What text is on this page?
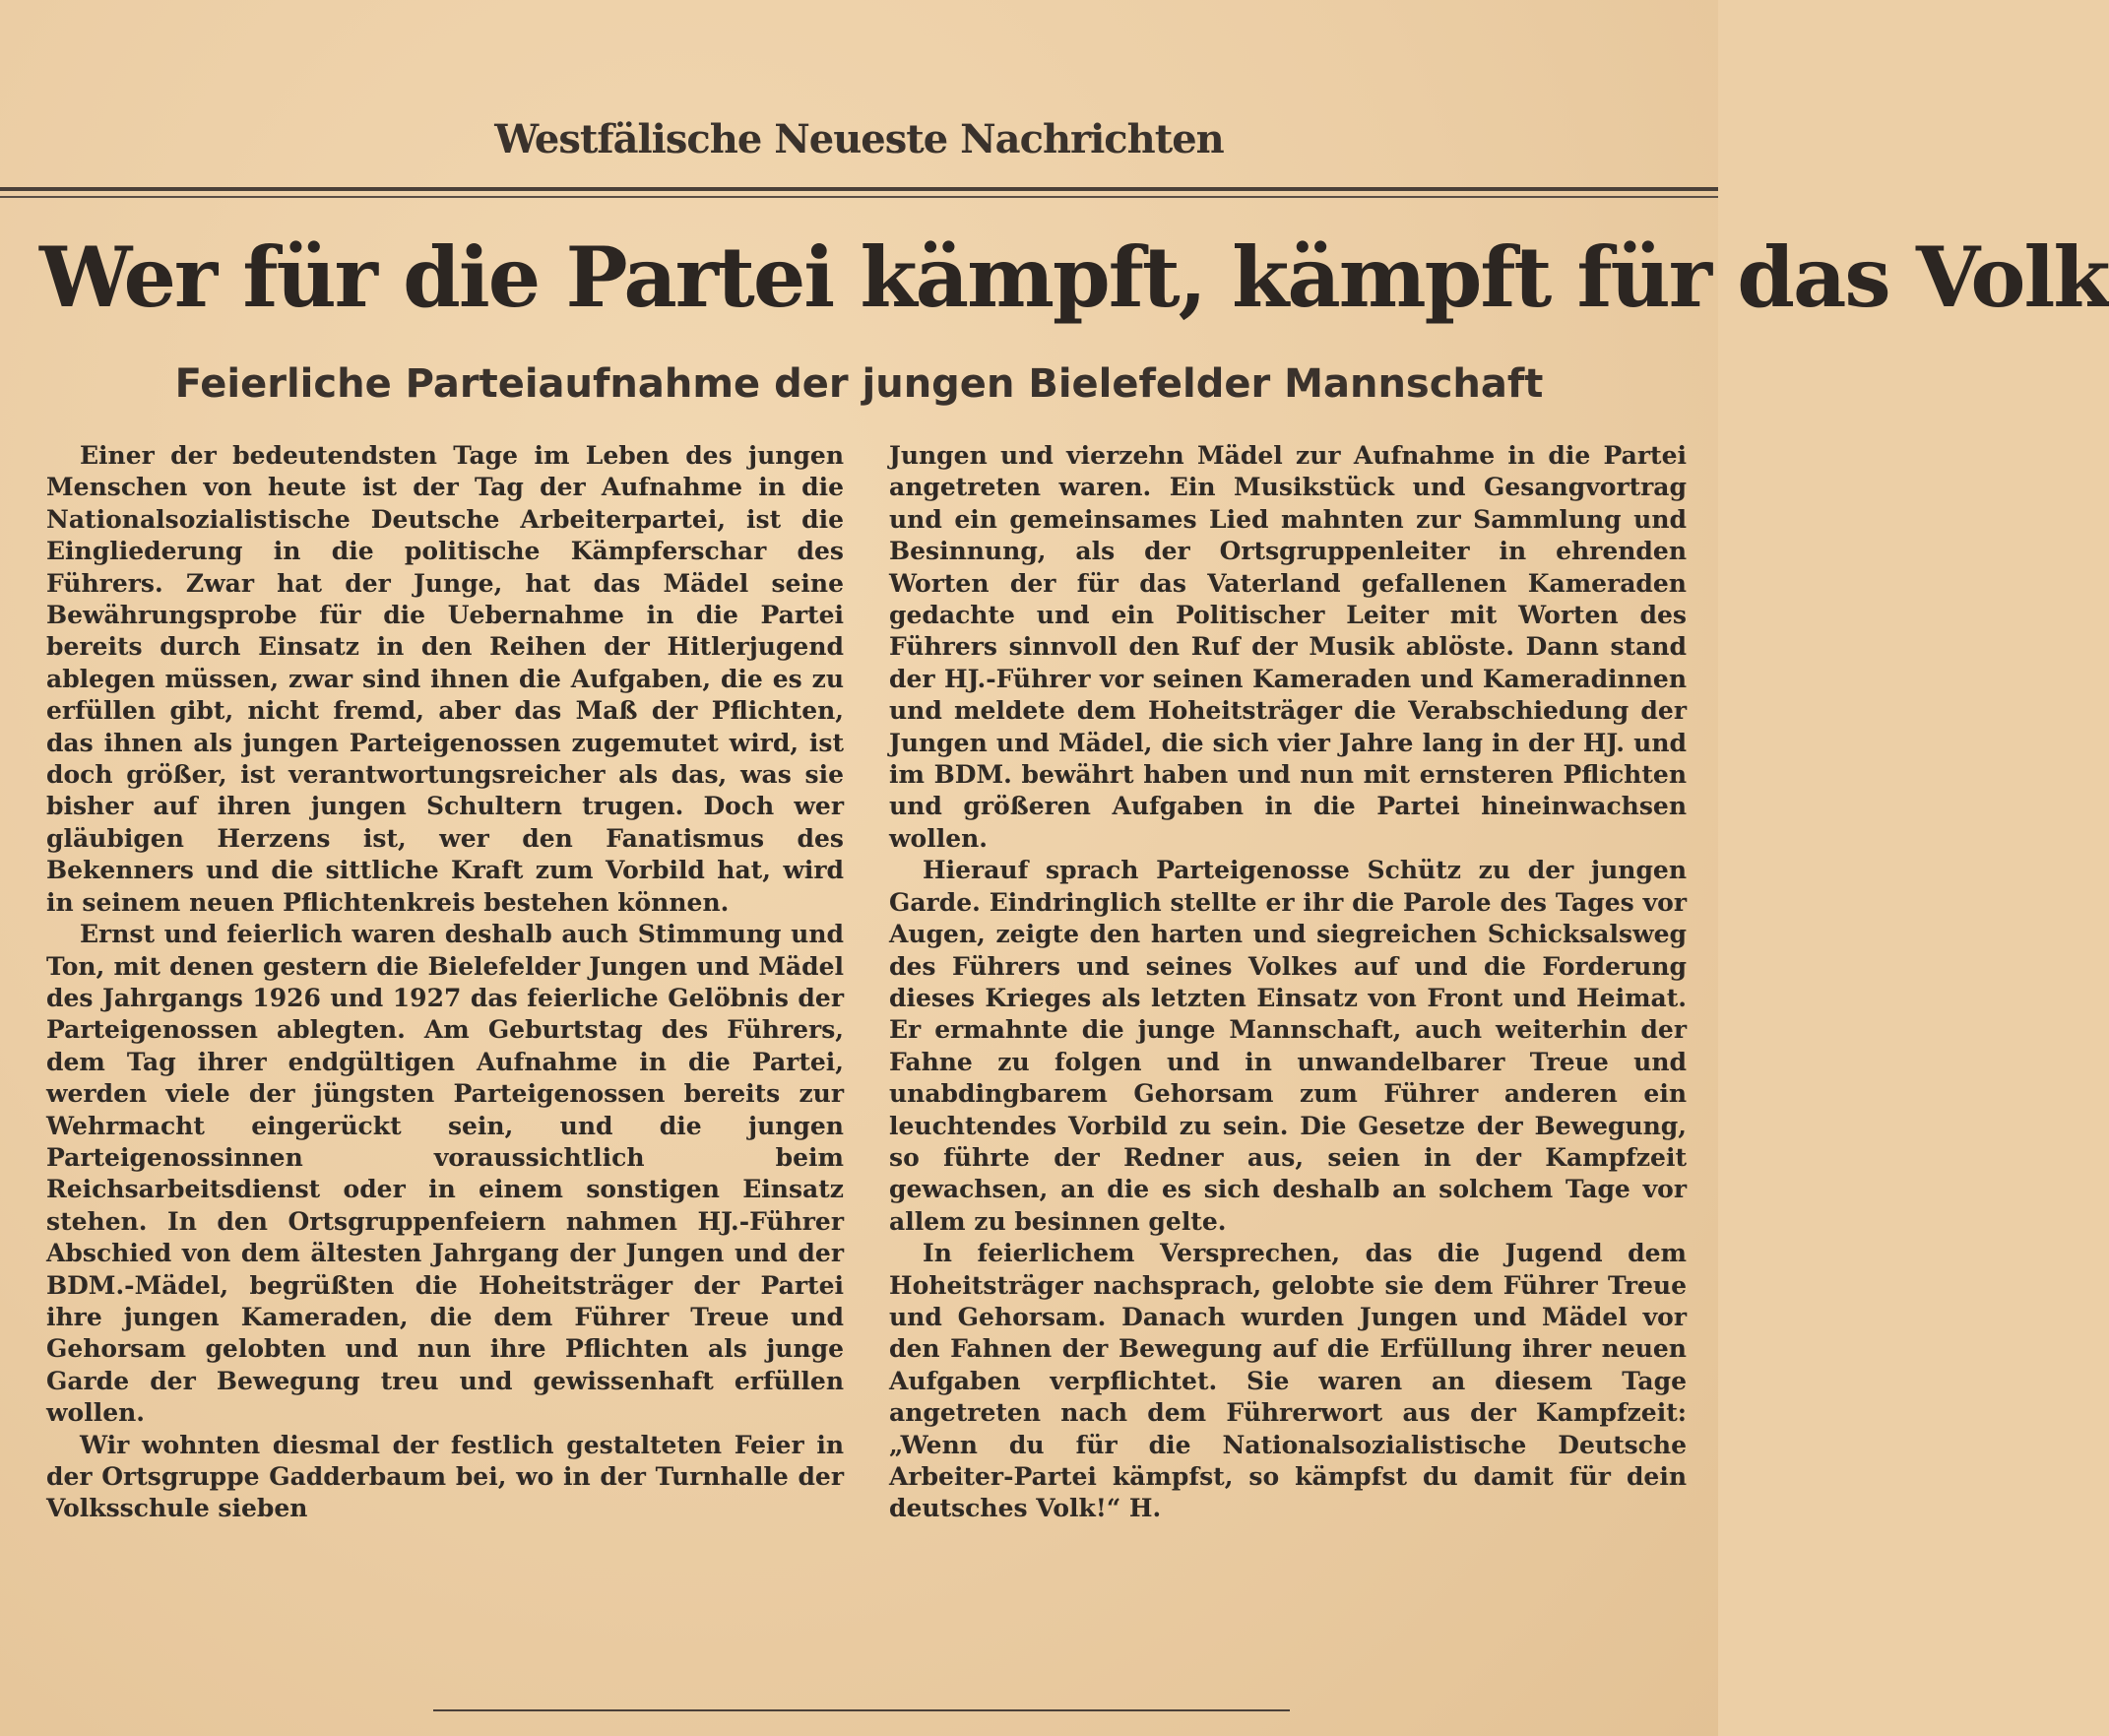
Westfälische Neueste Nachrichten
Wer für die Partei kämpft, kämpft für das Volk
Feierliche Parteiaufnahme der jungen Bielefelder Mannschaft

Einer der bedeutendsten Tage im Leben des jungen Menschen von heute ist der Tag der Aufnahme in die Nationalsozialistische Deutsche Arbeiterpartei, ist die Eingliederung in die politische Kämpferschar des Führers. Zwar hat der Junge, hat das Mädel seine Bewährungsprobe für die Uebernahme in die Partei bereits durch Einsatz in den Reihen der Hitlerjugend ablegen müssen, zwar sind ihnen die Aufgaben, die es zu erfüllen gibt, nicht fremd, aber das Maß der Pflichten, das ihnen als jungen Parteigenossen zugemutet wird, ist doch größer, ist verantwortungsreicher als das, was sie bisher auf ihren jungen Schultern trugen. Doch wer gläubigen Herzens ist, wer den Fanatismus des Bekenners und die sittliche Kraft zum Vorbild hat, wird in seinem neuen Pflichtenkreis bestehen können.

Ernst und feierlich waren deshalb auch Stimmung und Ton, mit denen gestern die Bielefelder Jungen und Mädel des Jahrgangs 1926 und 1927 das feierliche Gelöbnis der Parteigenossen ablegten. Am Geburtstag des Führers, dem Tag ihrer endgültigen Aufnahme in die Partei, werden viele der jüngsten Parteigenossen bereits zur Wehrmacht eingerückt sein, und die jungen Parteigenossinnen voraussichtlich beim Reichsarbeitsdienst oder in einem sonstigen Einsatz stehen. In den Ortsgruppenfeiern nahmen HJ.-Führer Abschied von dem ältesten Jahrgang der Jungen und der BDM.-Mädel, begrüßten die Hoheitsträger der Partei ihre jungen Kameraden, die dem Führer Treue und Gehorsam gelobten und nun ihre Pflichten als junge Garde der Bewegung treu und gewissenhaft erfüllen wollen.

Wir wohnten diesmal der festlich gestalteten Feier in der Ortsgruppe Gadderbaum bei, wo in der Turnhalle der Volksschule sieben

Jungen und vierzehn Mädel zur Aufnahme in die Partei angetreten waren. Ein Musikstück und Gesangvortrag und ein gemeinsames Lied mahnten zur Sammlung und Besinnung, als der Ortsgruppenleiter in ehrenden Worten der für das Vaterland gefallenen Kameraden gedachte und ein Politischer Leiter mit Worten des Führers sinnvoll den Ruf der Musik ablöste. Dann stand der HJ.-Führer vor seinen Kameraden und Kameradinnen und meldete dem Hoheitsträger die Verabschiedung der Jungen und Mädel, die sich vier Jahre lang in der HJ. und im BDM. bewährt haben und nun mit ernsteren Pflichten und größeren Aufgaben in die Partei hineinwachsen wollen.

Hierauf sprach Parteigenosse Schütz zu der jungen Garde. Eindringlich stellte er ihr die Parole des Tages vor Augen, zeigte den harten und siegreichen Schicksalsweg des Führers und seines Volkes auf und die Forderung dieses Krieges als letzten Einsatz von Front und Heimat. Er ermahnte die junge Mannschaft, auch weiterhin der Fahne zu folgen und in unwandelbarer Treue und unabdingbarem Gehorsam zum Führer anderen ein leuchtendes Vorbild zu sein. Die Gesetze der Bewegung, so führte der Redner aus, seien in der Kampfzeit gewachsen, an die es sich deshalb an solchem Tage vor allem zu besinnen gelte.

In feierlichem Versprechen, das die Jugend dem Hoheitsträger nachsprach, gelobte sie dem Führer Treue und Gehorsam. Danach wurden Jungen und Mädel vor den Fahnen der Bewegung auf die Erfüllung ihrer neuen Aufgaben verpflichtet. Sie waren an diesem Tage angetreten nach dem Führerwort aus der Kampfzeit: „Wenn du für die Nationalsozialistische Deutsche Arbeiter-Partei kämpfst, so kämpfst du damit für dein deutsches Volk!“ H.
